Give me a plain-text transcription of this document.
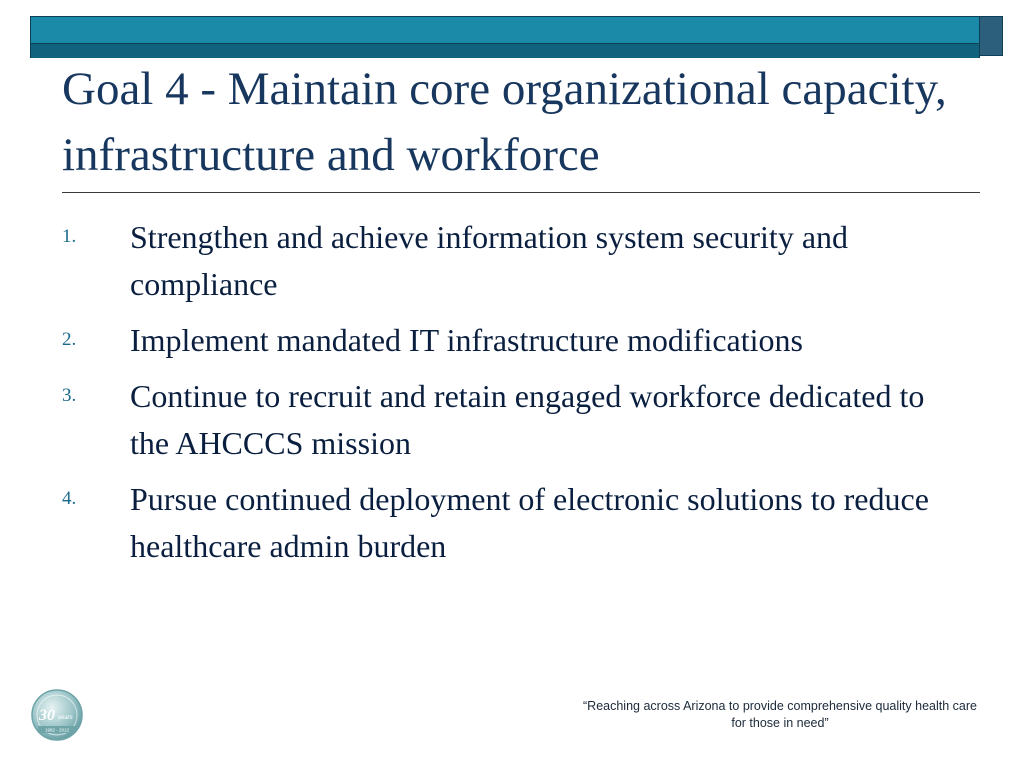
Goal 4 - Maintain core organizational capacity, infrastructure and workforce
1. Strengthen and achieve information system security and compliance
2. Implement mandated IT infrastructure modifications
3. Continue to recruit and retain engaged workforce dedicated to the AHCCCS mission
4. Pursue continued deployment of electronic solutions to reduce healthcare admin burden
30 years
1982 - 2012
“Reaching across Arizona to provide comprehensive quality health care for those in need”
